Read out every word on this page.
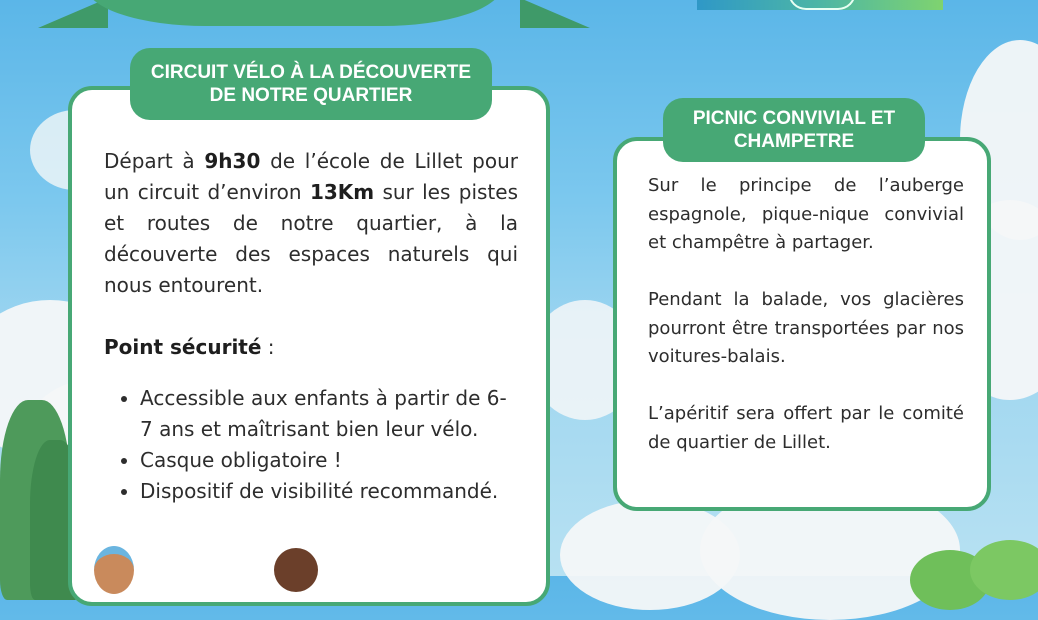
CIRCUIT VÉLO À LA DÉCOUVERTE
DE NOTRE QUARTIER

Départ à 9h30 de l’école de Lillet pour un circuit d’environ 13Km sur les pistes et routes de notre quartier, à la découverte des espaces naturels qui nous entourent.

Point sécurité :

• Accessible aux enfants à partir de 6-7 ans et maîtrisant bien leur vélo.
• Casque obligatoire !
• Dispositif de visibilité recommandé.
PICNIC CONVIVIAL ET CHAMPETRE

Sur le principe de l’auberge espagnole, pique-nique convivial et champêtre à partager.

Pendant la balade, vos glacières pourront être transportées par nos voitures-balais.

L’apéritif sera offert par le comité de quartier de Lillet.
